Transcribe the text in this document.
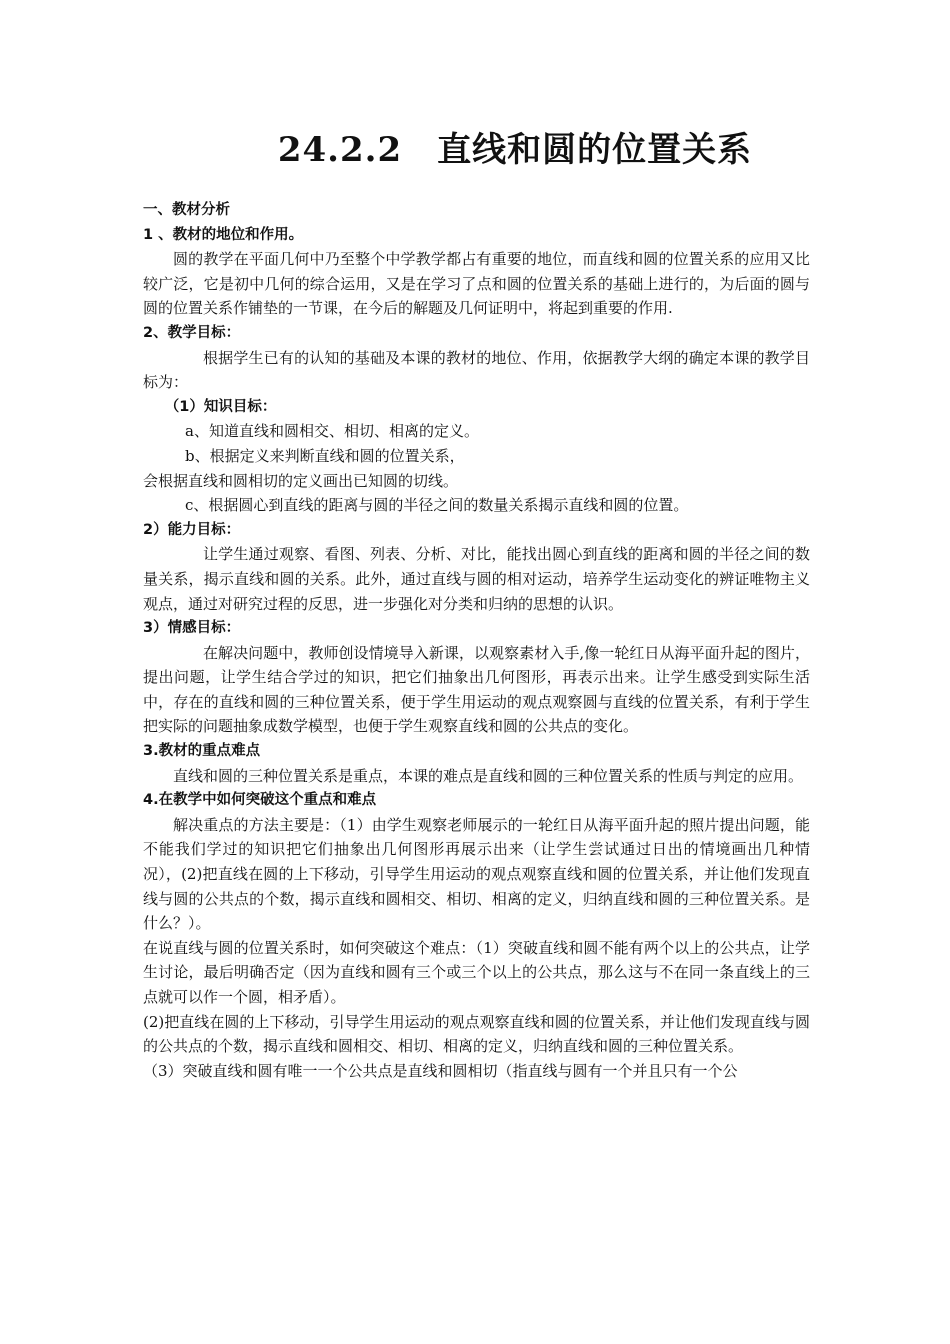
24.2.2　直线和圆的位置关系

一、教材分析

1 、教材的地位和作用。

圆的教学在平面几何中乃至整个中学教学都占有重要的地位，而直线和圆的位置关系的应用又比较广泛，它是初中几何的综合运用，又是在学习了点和圆的位置关系的基础上进行的，为后面的圆与圆的位置关系作铺垫的一节课，在今后的解题及几何证明中，将起到重要的作用.

2、教学目标：

根据学生已有的认知的基础及本课的教材的地位、作用，依据教学大纲的确定本课的教学目标为：

（1）知识目标：

a、知道直线和圆相交、相切、相离的定义。

b、根据定义来判断直线和圆的位置关系，

会根据直线和圆相切的定义画出已知圆的切线。

c、根据圆心到直线的距离与圆的半径之间的数量关系揭示直线和圆的位置。

2）能力目标：

让学生通过观察、看图、列表、分析、对比，能找出圆心到直线的距离和圆的半径之间的数量关系，揭示直线和圆的关系。此外，通过直线与圆的相对运动，培养学生运动变化的辨证唯物主义观点，通过对研究过程的反思，进一步强化对分类和归纳的思想的认识。

3）情感目标：

在解决问题中，教师创设情境导入新课，以观察素材入手,像一轮红日从海平面升起的图片，提出问题，让学生结合学过的知识，把它们抽象出几何图形，再表示出来。让学生感受到实际生活中，存在的直线和圆的三种位置关系，便于学生用运动的观点观察圆与直线的位置关系，有利于学生把实际的问题抽象成数学模型，也便于学生观察直线和圆的公共点的变化。

3.教材的重点难点

直线和圆的三种位置关系是重点，本课的难点是直线和圆的三种位置关系的性质与判定的应用。

4.在教学中如何突破这个重点和难点

解决重点的方法主要是：（1）由学生观察老师展示的一轮红日从海平面升起的照片提出问题，能不能我们学过的知识把它们抽象出几何图形再展示出来（让学生尝试通过日出的情境画出几种情况），(2)把直线在圆的上下移动，引导学生用运动的观点观察直线和圆的位置关系，并让他们发现直线与圆的公共点的个数，揭示直线和圆相交、相切、相离的定义，归纳直线和圆的三种位置关系。是什么？）。

在说直线与圆的位置关系时，如何突破这个难点：（1）突破直线和圆不能有两个以上的公共点，让学生讨论，最后明确否定（因为直线和圆有三个或三个以上的公共点，那么这与不在同一条直线上的三点就可以作一个圆，相矛盾）。

(2)把直线在圆的上下移动，引导学生用运动的观点观察直线和圆的位置关系，并让他们发现直线与圆的公共点的个数，揭示直线和圆相交、相切、相离的定义，归纳直线和圆的三种位置关系。

（3）突破直线和圆有唯一一个公共点是直线和圆相切（指直线与圆有一个并且只有一个公
